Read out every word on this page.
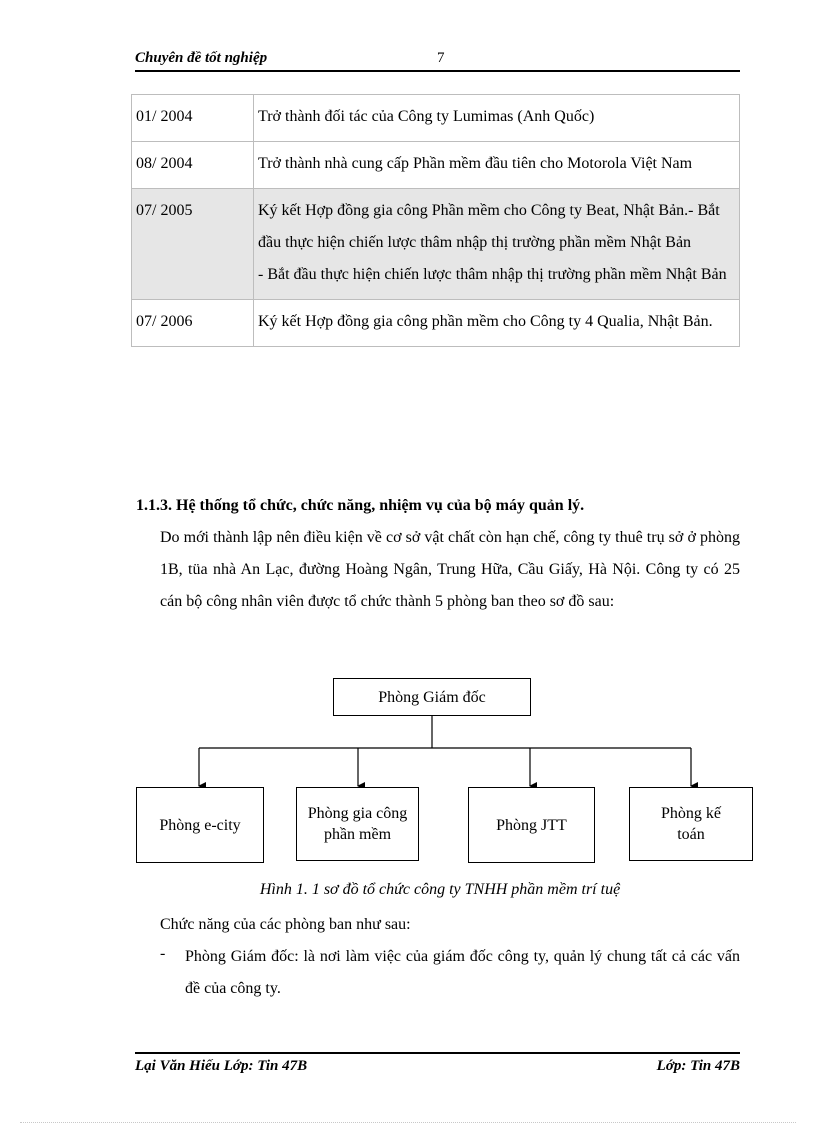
Chuyên đề tốt nghiệp	7
01/ 2004	Trở thành đối tác của Công ty Lumimas (Anh Quốc)

08/ 2004	Trở thành nhà cung cấp Phần mềm đầu tiên cho Motorola Việt Nam

07/ 2005	Ký kết Hợp đồng gia công Phần mềm cho Công ty Beat, Nhật Bản.- Bắt đầu thực hiện chiến lược thâm nhập thị trường phần mềm Nhật Bản
- Bắt đầu thực hiện chiến lược thâm nhập thị trường phần mềm Nhật Bản

07/ 2006	Ký kết Hợp đồng gia công phần mềm cho Công ty 4 Qualia, Nhật Bản.
1.1.3. Hệ thống tổ chức, chức năng, nhiệm vụ của bộ máy quản lý.
Do mới thành lập nên điều kiện về cơ sở vật chất còn hạn chế, công ty thuê trụ sở ở phòng 1B, tüa nhà An Lạc, đường Hoàng Ngân, Trung Hữa, Cầu Giấy, Hà Nội. Công ty có 25 cán bộ công nhân viên được tổ chức thành 5 phòng ban theo sơ đồ sau:
Phòng Giám đốc
Phòng e-city
Phòng gia công phần mềm
Phòng JTT
Phòng kế toán
Hình 1. 1 sơ đồ tổ chức công ty TNHH phần mềm trí tuệ
Chức năng của các phòng ban như sau:
- Phòng Giám đốc: là nơi làm việc của giám đốc công ty, quản lý chung tất cả các vấn đề của công ty.
Lại Văn Hiếu Lớp: Tin 47B	Lớp: Tin 47B
